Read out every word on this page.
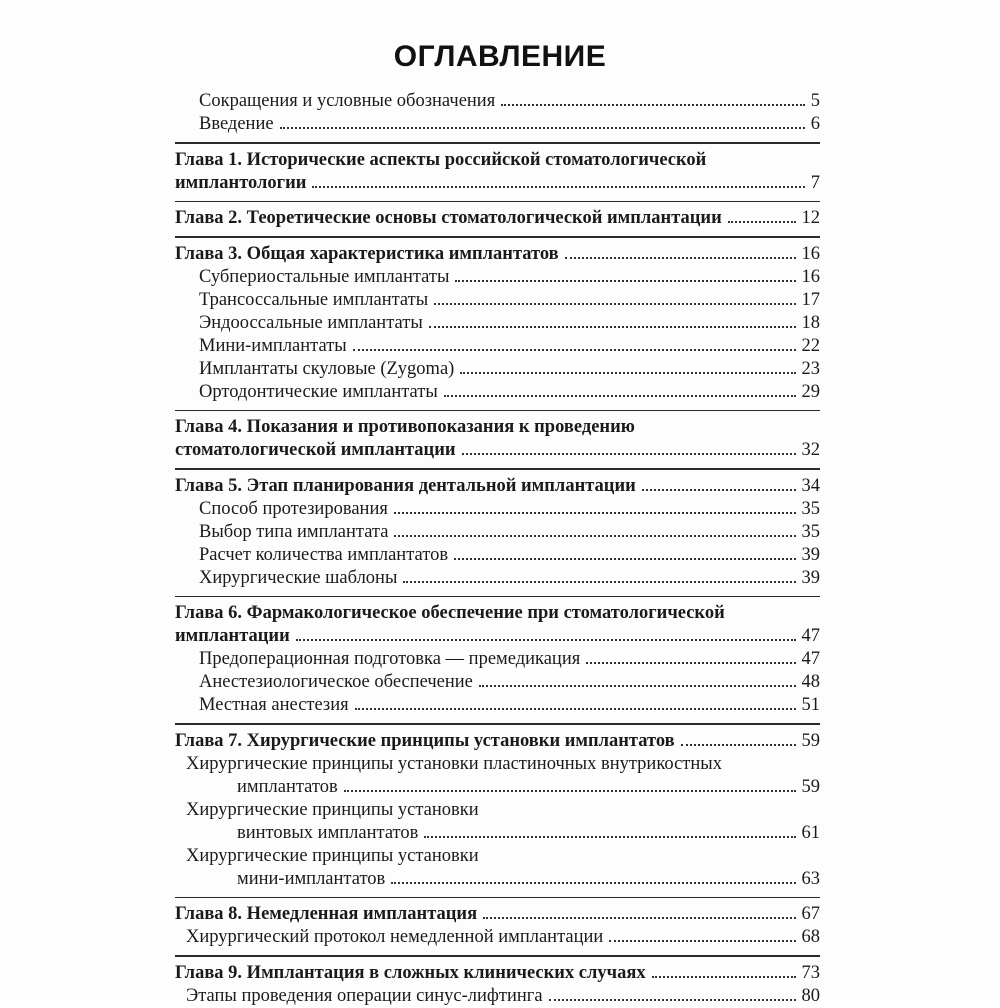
ОГЛАВЛЕНИЕ
Сокращения и условные обозначения	5
Введение	6
Глава 1. Исторические аспекты российской стоматологической
имплантологии	7
Глава 2. Теоретические основы стоматологической имплантации	12
Глава 3. Общая характеристика имплантатов	16
Субпериостальные имплантаты	16
Трансоссальные имплантаты	17
Эндооссальные имплантаты	18
Мини-имплантаты	22
Имплантаты скуловые (Zygoma)	23
Ортодонтические имплантаты	29
Глава 4. Показания и противопоказания к проведению
стоматологической имплантации	32
Глава 5. Этап планирования дентальной имплантации	34
Способ протезирования	35
Выбор типа имплантата	35
Расчет количества имплантатов	39
Хирургические шаблоны	39
Глава 6. Фармакологическое обеспечение при стоматологической
имплантации	47
Предоперационная подготовка — премедикация	47
Анестезиологическое обеспечение	48
Местная анестезия	51
Глава 7. Хирургические принципы установки имплантатов	59
Хирургические принципы установки пластиночных внутрикостных
имплантатов	59
Хирургические принципы установки
винтовых имплантатов	61
Хирургические принципы установки
мини-имплантатов	63
Глава 8. Немедленная имплантация	67
Хирургический протокол немедленной имплантации	68
Глава 9. Имплантация в сложных клинических случаях	73
Этапы проведения операции синус-лифтинга	80
